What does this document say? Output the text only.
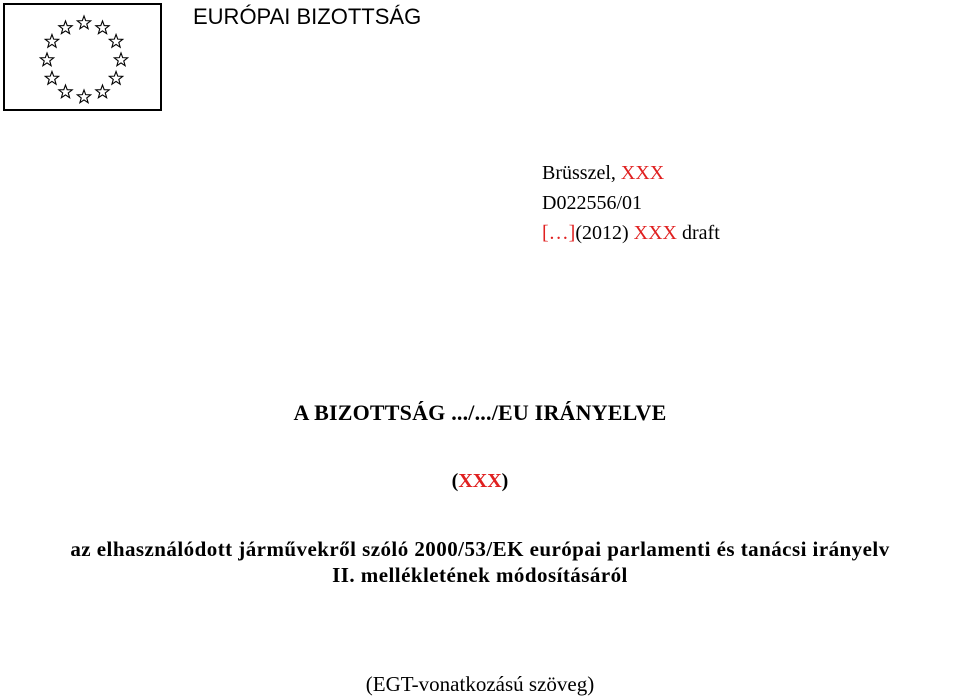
EURÓPAI BIZOTTSÁG
Brüsszel, XXX
D022556/01
[…](2012) XXX draft
A BIZOTTSÁG .../.../EU IRÁNYELVE
(XXX)
az elhasználódott járművekről szóló 2000/53/EK európai parlamenti és tanácsi irányelv
II. mellékletének módosításáról
(EGT-vonatkozású szöveg)
